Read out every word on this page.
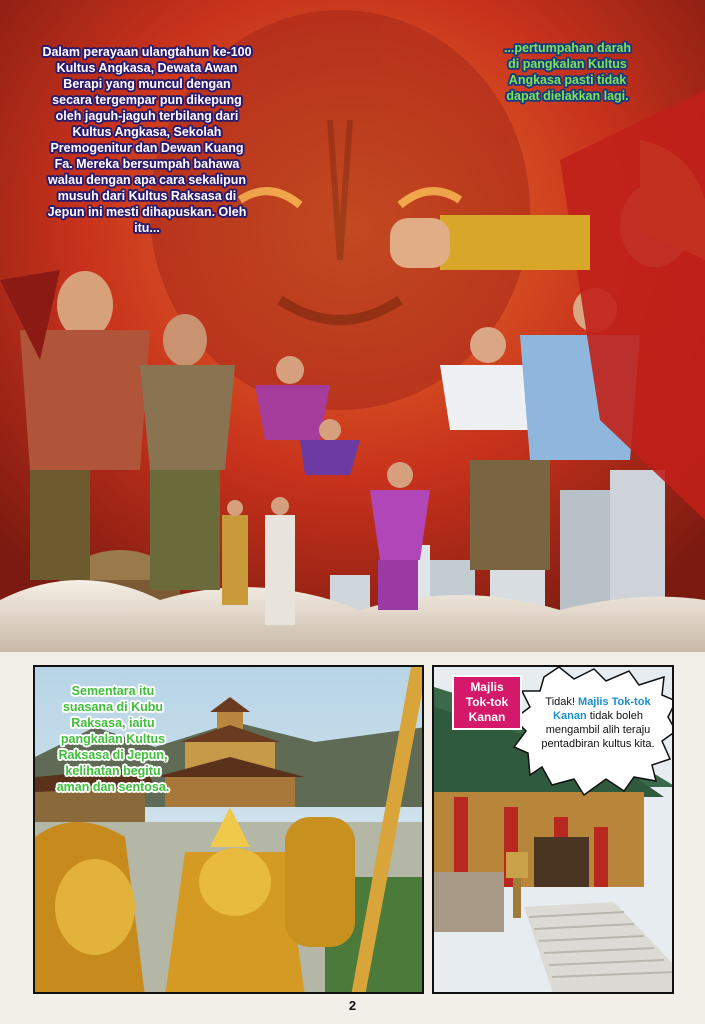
Dalam perayaan ulangtahun ke-100 Kultus Angkasa, Dewata Awan Berapi yang muncul dengan secara tergempar pun dikepung oleh jaguh-jaguh terbilang dari Kultus Angkasa, Sekolah Premogenitur dan Dewan Kuang Fa. Mereka bersumpah bahawa walau dengan apa cara sekalipun musuh dari Kultus Raksasa di Jepun ini mesti dihapuskan. Oleh itu...
...pertumpahan darah di pangkalan Kultus Angkasa pasti tidak dapat dielakkan lagi.
Sementara itu suasana di Kubu Raksasa, iaitu pangkalan Kultus Raksasa di Jepun, kelihatan begitu aman dan sentosa.
Majlis Tok-tok Kanan
Tidak! Majlis Tok-tok Kanan tidak boleh mengambil alih teraju pentadbiran kultus kita.
2
